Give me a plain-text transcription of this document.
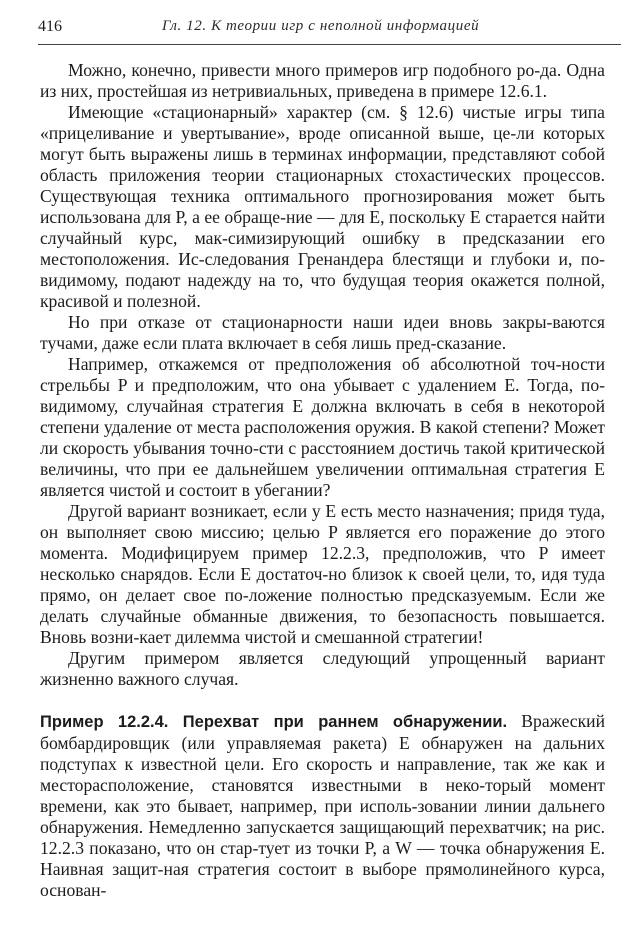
416	Гл. 12. К теории игр с неполной информацией

Можно, конечно, привести много примеров игр подобного ро-да. Одна из них, простейшая из нетривиальных, приведена в примере 12.6.1.

Имеющие «стационарный» характер (см. § 12.6) чистые игры типа «прицеливание и увертывание», вроде описанной выше, це-ли которых могут быть выражены лишь в терминах информации, представляют собой область приложения теории стационарных стохастических процессов. Существующая техника оптимального прогнозирования может быть использована для P, а ее обраще-ние — для E, поскольку E старается найти случайный курс, мак-симизирующий ошибку в предсказании его местоположения. Ис-следования Гренандера блестящи и глубоки и, по-видимому, подают надежду на то, что будущая теория окажется полной, красивой и полезной.

Но при отказе от стационарности наши идеи вновь закры-ваются тучами, даже если плата включает в себя лишь пред-сказание.

Например, откажемся от предположения об абсолютной точ-ности стрельбы P и предположим, что она убывает с удалением E. Тогда, по-видимому, случайная стратегия E должна включать в себя в некоторой степени удаление от места расположения оружия. В какой степени? Может ли скорость убывания точно-сти с расстоянием достичь такой критической величины, что при ее дальнейшем увеличении оптимальная стратегия E является чистой и состоит в убегании?

Другой вариант возникает, если у E есть место назначения; придя туда, он выполняет свою миссию; целью P является его поражение до этого момента. Модифицируем пример 12.2.3, предположив, что P имеет несколько снарядов. Если E достаточ-но близок к своей цели, то, идя туда прямо, он делает свое по-ложение полностью предсказуемым. Если же делать случайные обманные движения, то безопасность повышается. Вновь возни-кает дилемма чистой и смешанной стратегии!

Другим примером является следующий упрощенный вариант жизненно важного случая.

Пример 12.2.4. Перехват при раннем обнаружении. Вражеский бомбардировщик (или управляемая ракета) E обнаружен на дальних подступах к известной цели. Его скорость и направление, так же как и месторасположение, становятся известными в неко-торый момент времени, как это бывает, например, при исполь-зовании линии дальнего обнаружения. Немедленно запускается защищающий перехватчик; на рис. 12.2.3 показано, что он стар-тует из точки P, а W — точка обнаружения E. Наивная защит-ная стратегия состоит в выборе прямолинейного курса, основан-
